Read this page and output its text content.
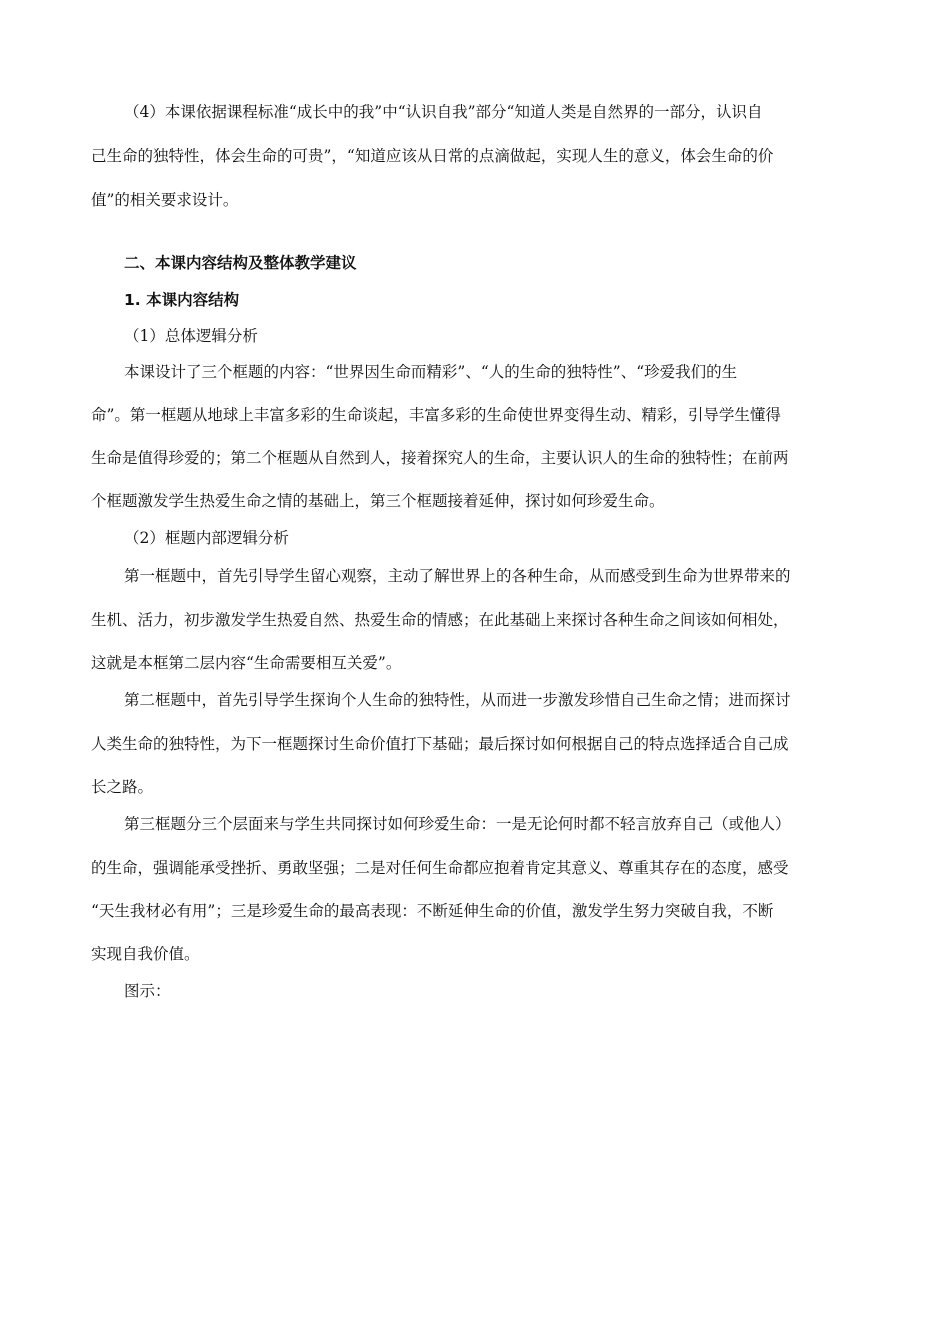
（4）本课依据课程标准“成长中的我”中“认识自我”部分“知道人类是自然界的一部分，认识自
己生命的独特性，体会生命的可贵”，“知道应该从日常的点滴做起，实现人生的意义，体会生命的价
值”的相关要求设计。
二、本课内容结构及整体教学建议
1. 本课内容结构
（1）总体逻辑分析
本课设计了三个框题的内容：“世界因生命而精彩”、“人的生命的独特性”、“珍爱我们的生
命”。第一框题从地球上丰富多彩的生命谈起，丰富多彩的生命使世界变得生动、精彩，引导学生懂得
生命是值得珍爱的；第二个框题从自然到人，接着探究人的生命，主要认识人的生命的独特性；在前两
个框题激发学生热爱生命之情的基础上，第三个框题接着延伸，探讨如何珍爱生命。
（2）框题内部逻辑分析
第一框题中，首先引导学生留心观察，主动了解世界上的各种生命，从而感受到生命为世界带来的
生机、活力，初步激发学生热爱自然、热爱生命的情感；在此基础上来探讨各种生命之间该如何相处，
这就是本框第二层内容“生命需要相互关爱”。
第二框题中，首先引导学生探询个人生命的独特性，从而进一步激发珍惜自己生命之情；进而探讨
人类生命的独特性，为下一框题探讨生命价值打下基础；最后探讨如何根据自己的特点选择适合自己成
长之路。
第三框题分三个层面来与学生共同探讨如何珍爱生命：一是无论何时都不轻言放弃自己（或他人）
的生命，强调能承受挫折、勇敢坚强；二是对任何生命都应抱着肯定其意义、尊重其存在的态度，感受
“天生我材必有用”；三是珍爱生命的最高表现：不断延伸生命的价值，激发学生努力突破自我，不断
实现自我价值。
图示：
